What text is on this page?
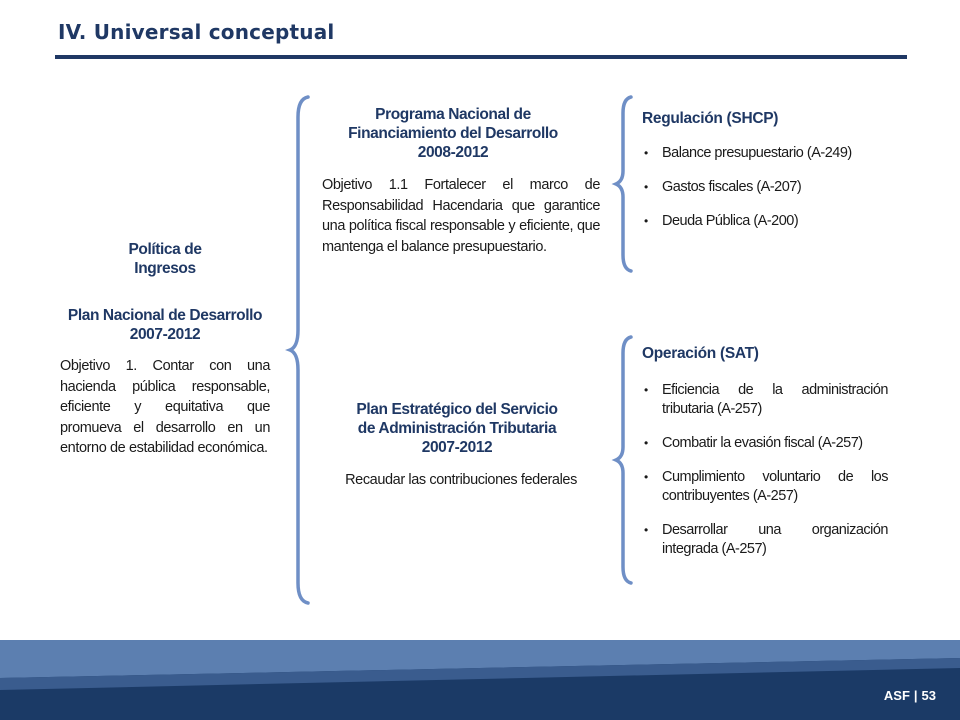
IV. Universal conceptual
Política de
Ingresos
Plan Nacional de Desarrollo
2007-2012
Objetivo 1. Contar con una hacienda pública responsable, eficiente y equitativa que promueva el desarrollo en un entorno de estabilidad económica.
Programa Nacional de
Financiamiento del Desarrollo
2008-2012
Objetivo 1.1 Fortalecer el marco de Responsabilidad Hacendaria que garantice una política fiscal responsable y eficiente, que mantenga el balance presupuestario.
Plan Estratégico del Servicio
de Administración Tributaria
2007-2012
Recaudar las contribuciones federales
Regulación (SHCP)
• Balance presupuestario (A-249)
• Gastos fiscales (A-207)
• Deuda Pública (A-200)
Operación (SAT)
• Eficiencia de la administración tributaria (A-257)
• Combatir la evasión fiscal (A-257)
• Cumplimiento voluntario de los contribuyentes (A-257)
• Desarrollar una organización integrada (A-257)
ASF | 53
